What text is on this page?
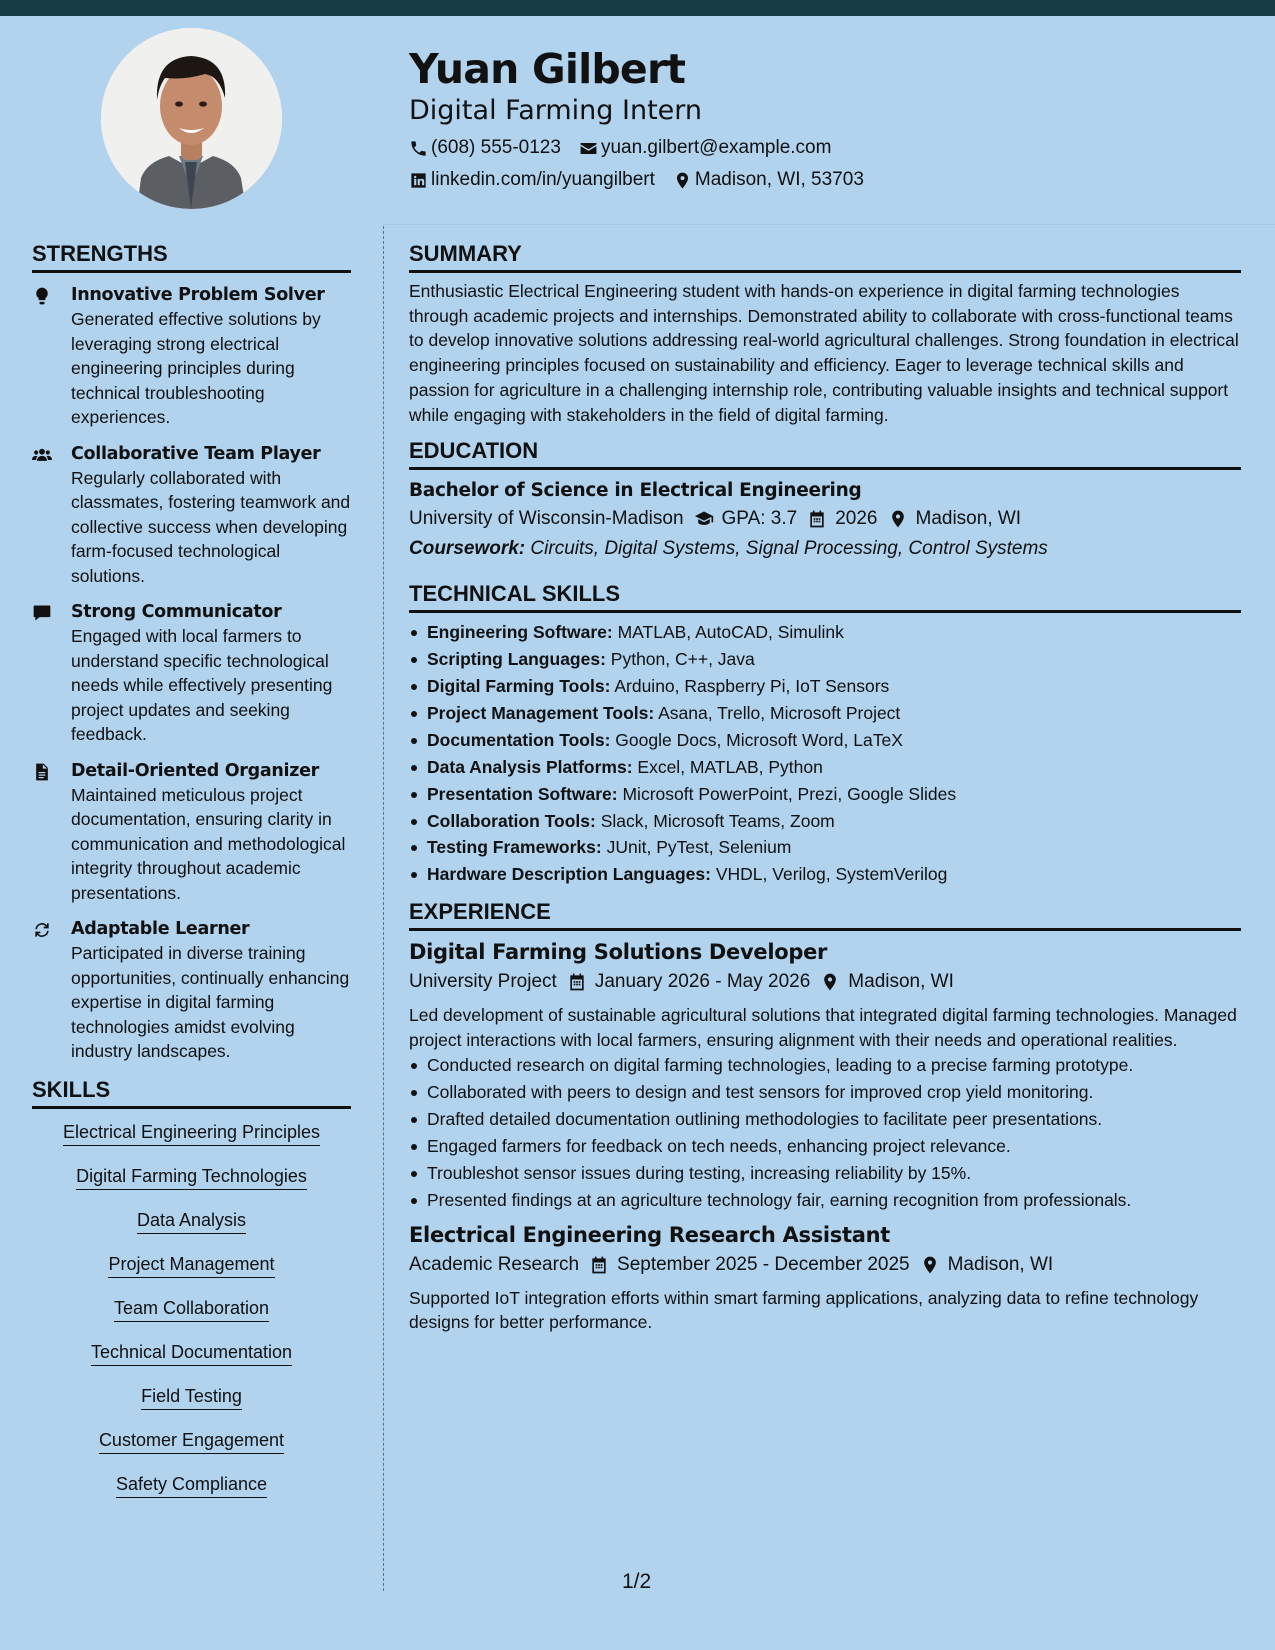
Yuan Gilbert
Digital Farming Intern
(608) 555-0123 yuan.gilbert@example.com
linkedin.com/in/yuangilbert Madison, WI, 53703
STRENGTHS
Innovative Problem Solver
Generated effective solutions by leveraging strong electrical engineering principles during technical troubleshooting experiences.
Collaborative Team Player
Regularly collaborated with classmates, fostering teamwork and collective success when developing farm-focused technological solutions.
Strong Communicator
Engaged with local farmers to understand specific technological needs while effectively presenting project updates and seeking feedback.
Detail-Oriented Organizer
Maintained meticulous project documentation, ensuring clarity in communication and methodological integrity throughout academic presentations.
Adaptable Learner
Participated in diverse training opportunities, continually enhancing expertise in digital farming technologies amidst evolving industry landscapes.
SKILLS
Electrical Engineering Principles
Digital Farming Technologies
Data Analysis
Project Management
Team Collaboration
Technical Documentation
Field Testing
Customer Engagement
Safety Compliance
SUMMARY

Enthusiastic Electrical Engineering student with hands-on experience in digital farming technologies through academic projects and internships. Demonstrated ability to collaborate with cross-functional teams to develop innovative solutions addressing real-world agricultural challenges. Strong foundation in electrical engineering principles focused on sustainability and efficiency. Eager to leverage technical skills and passion for agriculture in a challenging internship role, contributing valuable insights and technical support while engaging with stakeholders in the field of digital farming.

EDUCATION
Bachelor of Science in Electrical Engineering
University of Wisconsin-Madison GPA: 3.7 2026 Madison, WI
Coursework: Circuits, Digital Systems, Signal Processing, Control Systems
TECHNICAL SKILLS
Engineering Software: MATLAB, AutoCAD, Simulink
Scripting Languages: Python, C++, Java
Digital Farming Tools: Arduino, Raspberry Pi, IoT Sensors
Project Management Tools: Asana, Trello, Microsoft Project
Documentation Tools: Google Docs, Microsoft Word, LaTeX
Data Analysis Platforms: Excel, MATLAB, Python
Presentation Software: Microsoft PowerPoint, Prezi, Google Slides
Collaboration Tools: Slack, Microsoft Teams, Zoom
Testing Frameworks: JUnit, PyTest, Selenium
Hardware Description Languages: VHDL, Verilog, SystemVerilog
EXPERIENCE
Digital Farming Solutions Developer
University Project January 2026 - May 2026 Madison, WI

Led development of sustainable agricultural solutions that integrated digital farming technologies. Managed project interactions with local farmers, ensuring alignment with their needs and operational realities.

Conducted research on digital farming technologies, leading to a precise farming prototype.
Collaborated with peers to design and test sensors for improved crop yield monitoring.
Drafted detailed documentation outlining methodologies to facilitate peer presentations.
Engaged farmers for feedback on tech needs, enhancing project relevance.
Troubleshot sensor issues during testing, increasing reliability by 15%.
Presented findings at an agriculture technology fair, earning recognition from professionals.
Electrical Engineering Research Assistant
Academic Research September 2025 - December 2025 Madison, WI

Supported IoT integration efforts within smart farming applications, analyzing data to refine technology designs for better performance.

1/2
